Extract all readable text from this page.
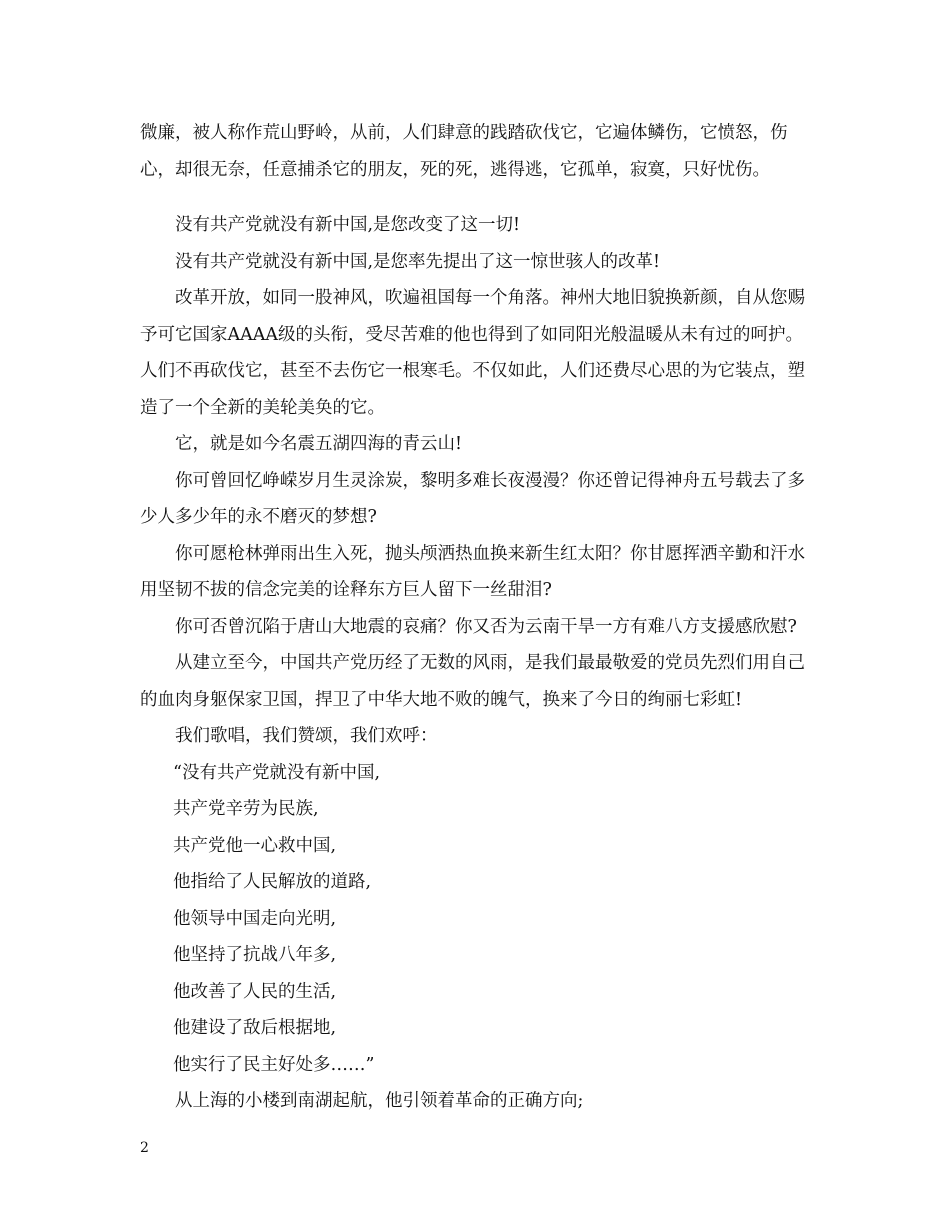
微廉，被人称作荒山野岭，从前，人们肆意的践踏砍伐它，它遍体鳞伤，它愤怒，伤心，却很无奈，任意捕杀它的朋友，死的死，逃得逃，它孤单，寂寞，只好忧伤。

没有共产党就没有新中国,是您改变了这一切!

没有共产党就没有新中国,是您率先提出了这一惊世骇人的改革!

改革开放，如同一股神风，吹遍祖国每一个角落。神州大地旧貌换新颜，自从您赐予可它国家AAAA级的头衔，受尽苦难的他也得到了如同阳光般温暖从未有过的呵护。人们不再砍伐它，甚至不去伤它一根寒毛。不仅如此，人们还费尽心思的为它装点，塑造了一个全新的美轮美奂的它。

它，就是如今名震五湖四海的青云山!

你可曾回忆峥嵘岁月生灵涂炭，黎明多难长夜漫漫？你还曾记得神舟五号载去了多少人多少年的永不磨灭的梦想?

你可愿枪林弹雨出生入死，抛头颅洒热血换来新生红太阳？你甘愿挥洒辛勤和汗水用坚韧不拔的信念完美的诠释东方巨人留下一丝甜泪?

你可否曾沉陷于唐山大地震的哀痛？你又否为云南干旱一方有难八方支援感欣慰?

从建立至今，中国共产党历经了无数的风雨，是我们最最敬爱的党员先烈们用自己的血肉身躯保家卫国，捍卫了中华大地不败的魄气，换来了今日的绚丽七彩虹!

我们歌唱，我们赞颂，我们欢呼：

“没有共产党就没有新中国,

共产党辛劳为民族,

共产党他一心救中国,

他指给了人民解放的道路,

他领导中国走向光明,

他坚持了抗战八年多,

他改善了人民的生活,

他建设了敌后根据地,

他实行了民主好处多……”

从上海的小楼到南湖起航，他引领着革命的正确方向;

2
